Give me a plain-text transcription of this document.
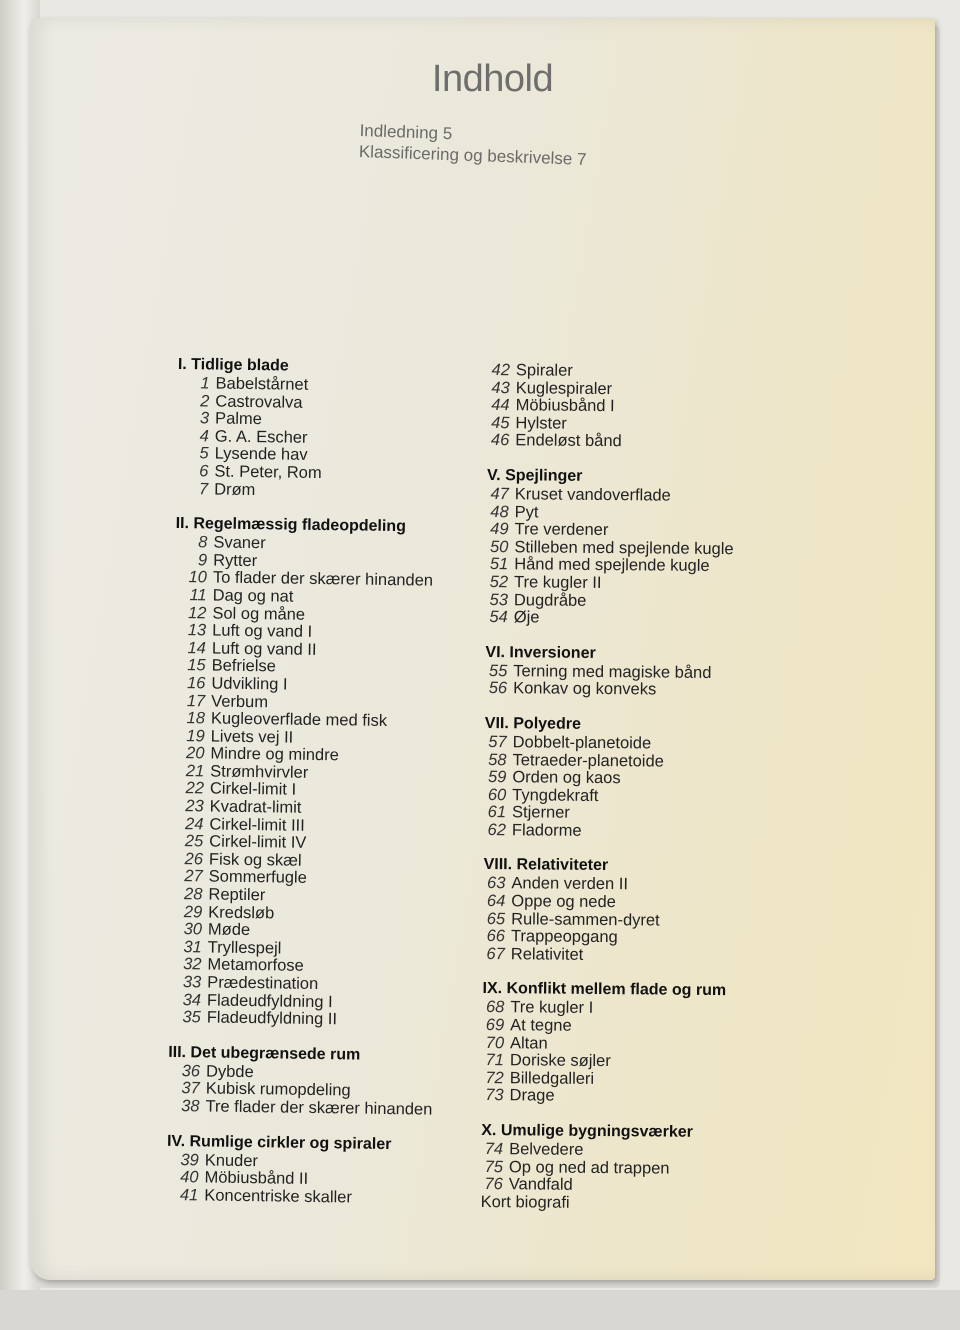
Indhold
Indledning 5
Klassificering og beskrivelse 7
I. Tidlige blade
1 Babelstårnet
2 Castrovalva
3 Palme
4 G. A. Escher
5 Lysende hav
6 St. Peter, Rom
7 Drøm
II. Regelmæssig fladeopdeling
8 Svaner
9 Rytter
10 To flader der skærer hinanden
11 Dag og nat
12 Sol og måne
13 Luft og vand I
14 Luft og vand II
15 Befrielse
16 Udvikling I
17 Verbum
18 Kugleoverflade med fisk
19 Livets vej II
20 Mindre og mindre
21 Strømhvirvler
22 Cirkel-limit I
23 Kvadrat-limit
24 Cirkel-limit III
25 Cirkel-limit IV
26 Fisk og skæl
27 Sommerfugle
28 Reptiler
29 Kredsløb
30 Møde
31 Tryllespejl
32 Metamorfose
33 Prædestination
34 Fladeudfyldning I
35 Fladeudfyldning II
III. Det ubegrænsede rum
36 Dybde
37 Kubisk rumopdeling
38 Tre flader der skærer hinanden
IV. Rumlige cirkler og spiraler
39 Knuder
40 Möbiusbånd II
41 Koncentriske skaller
42 Spiraler
43 Kuglespiraler
44 Möbiusbånd I
45 Hylster
46 Endeløst bånd
V. Spejlinger
47 Kruset vandoverflade
48 Pyt
49 Tre verdener
50 Stilleben med spejlende kugle
51 Hånd med spejlende kugle
52 Tre kugler II
53 Dugdråbe
54 Øje
VI. Inversioner
55 Terning med magiske bånd
56 Konkav og konveks
VII. Polyedre
57 Dobbelt-planetoide
58 Tetraeder-planetoide
59 Orden og kaos
60 Tyngdekraft
61 Stjerner
62 Fladorme
VIII. Relativiteter
63 Anden verden II
64 Oppe og nede
65 Rulle-sammen-dyret
66 Trappeopgang
67 Relativitet
IX. Konflikt mellem flade og rum
68 Tre kugler I
69 At tegne
70 Altan
71 Doriske søjler
72 Billedgalleri
73 Drage
X. Umulige bygningsværker
74 Belvedere
75 Op og ned ad trappen
76 Vandfald
Kort biografi
